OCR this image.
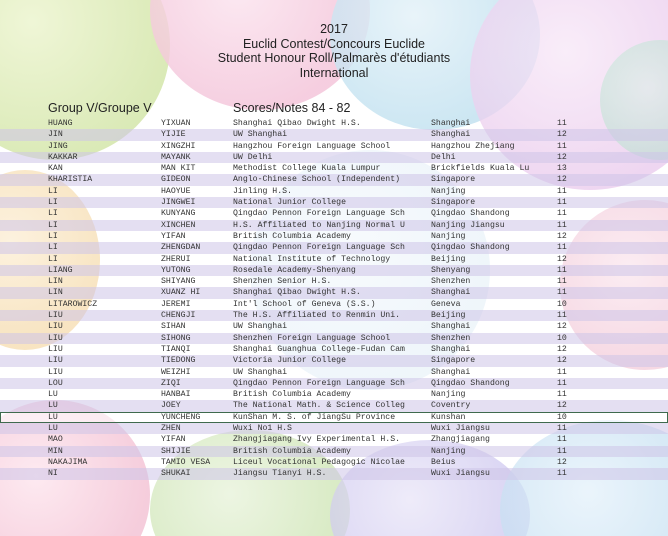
2017
Euclid Contest/Concours Euclide
Student Honour Roll/Palmarès d'étudiants
International
Group V/Groupe V	Scores/Notes 84 - 82
HUANG	YIXUAN	Shanghai Qibao Dwight H.S.	Shanghai	11
JIN	YIJIE	UW Shanghai	Shanghai	12
JING	XINGZHI	Hangzhou Foreign Language School	Hangzhou Zhejiang	11
KAKKAR	MAYANK	UW Delhi	Delhi	12
KAN	MAN KIT	Methodist College Kuala Lumpur	Brickfields Kuala Lu	13
KHARISTIA	GIDEON	Anglo-Chinese School (Independent)	Singapore	12
LI	HAOYUE	Jinling H.S.	Nanjing	11
LI	JINGWEI	National Junior College	Singapore	11
LI	KUNYANG	Qingdao Pennon Foreign Language Sch	Qingdao Shandong	11
LI	XINCHEN	H.S. Affiliated to Nanjing Normal U	Nanjing Jiangsu	11
LI	YIFAN	British Columbia Academy	Nanjing	12
LI	ZHENGDAN	Qingdao Pennon Foreign Language Sch	Qingdao Shandong	11
LI	ZHERUI	National Institute of Technology	Beijing	12
LIANG	YUTONG	Rosedale Academy-Shenyang	Shenyang	11
LIN	SHIYANG	Shenzhen Senior H.S.	Shenzhen	11
LIN	XUANZ HI	Shanghai Qibao Dwight H.S.	Shanghai	11
LITAROWICZ	JEREMI	Int'l School of Geneva (S.S.)	Geneva	10
LIU	CHENGJI	The H.S. Affiliated to Renmin Uni.	Beijing	11
LIU	SIHAN	UW Shanghai	Shanghai	12
LIU	SIHONG	Shenzhen Foreign Language School	Shenzhen	10
LIU	TIANQI	Shanghai Guanghua College-Fudan Cam	Shanghai	12
LIU	TIEDONG	Victoria Junior College	Singapore	12
LIU	WEIZHI	UW Shanghai	Shanghai	11
LOU	ZIQI	Qingdao Pennon Foreign Language Sch	Qingdao Shandong	11
LU	HANBAI	British Columbia Academy	Nanjing	11
LU	JOEY	The National Math. & Science Colleg	Coventry	12
LU	YUNCHENG	KunShan M. S. of JiangSu Province	Kunshan	10
LU	ZHEN	Wuxi No1 H.S	Wuxi Jiangsu	11
MAO	YIFAN	Zhangjiagang Ivy Experimental H.S.	Zhangjiagang	11
MIN	SHIJIE	British Columbia Academy	Nanjing	11
NAKAJIMA	TAMIO VESA	Liceul Vocational Pedagogic Nicolae	Beius	12
NI	SHUKAI	Jiangsu Tianyi H.S.	Wuxi Jiangsu	11
